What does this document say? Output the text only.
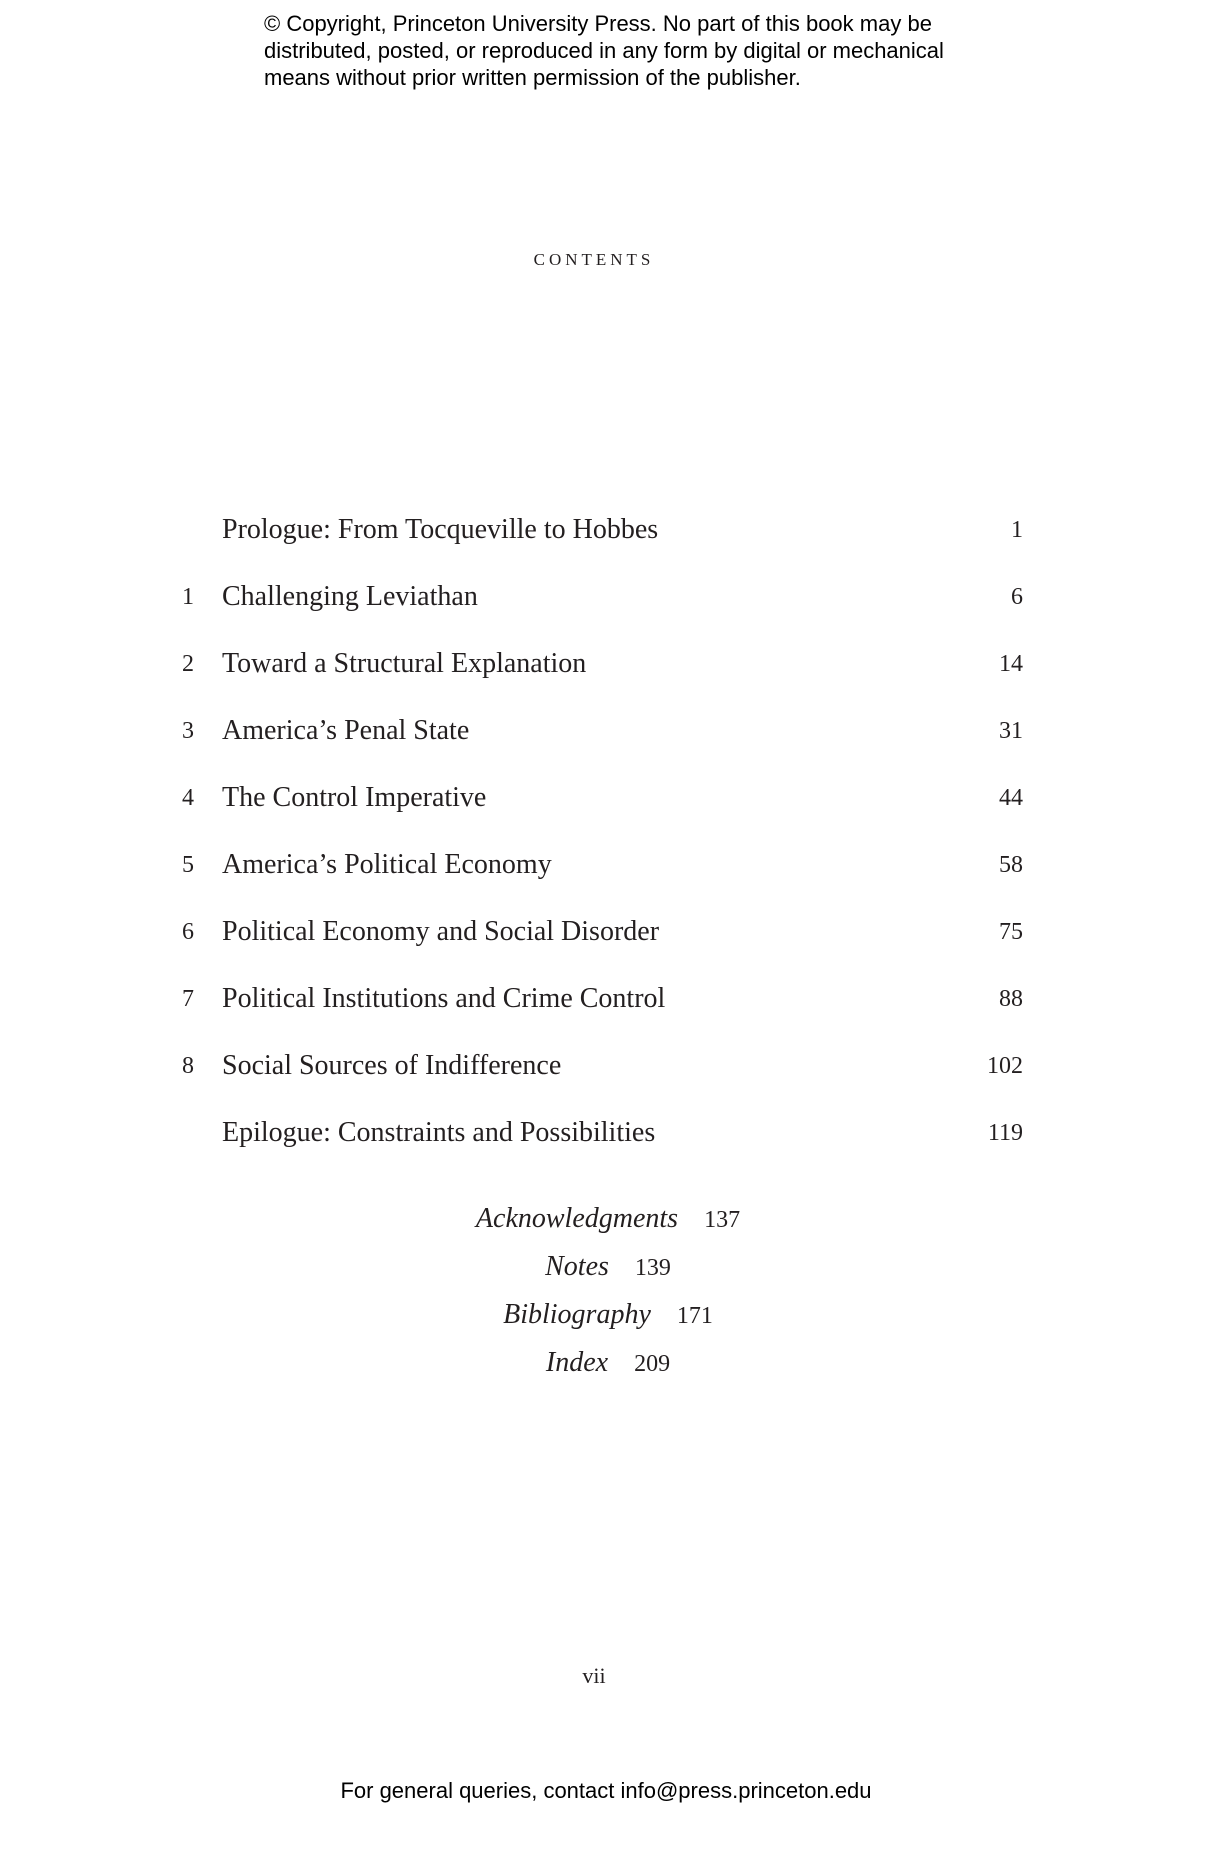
© Copyright, Princeton University Press. No part of this book may be
distributed, posted, or reproduced in any form by digital or mechanical
means without prior written permission of the publisher.
contents
Prologue: From Tocqueville to Hobbes	1
1 Challenging Leviathan	6
2 Toward a Structural Explanation	14
3 America’s Penal State	31
4 The Control Imperative	44
5 America’s Political Economy	58
6 Political Economy and Social Disorder	75
7 Political Institutions and Crime Control	88
8 Social Sources of Indifference	102
Epilogue: Constraints and Possibilities	119
Acknowledgments 137
Notes 139
Bibliography 171
Index 209
vii
For general queries, contact info@press.princeton.edu
